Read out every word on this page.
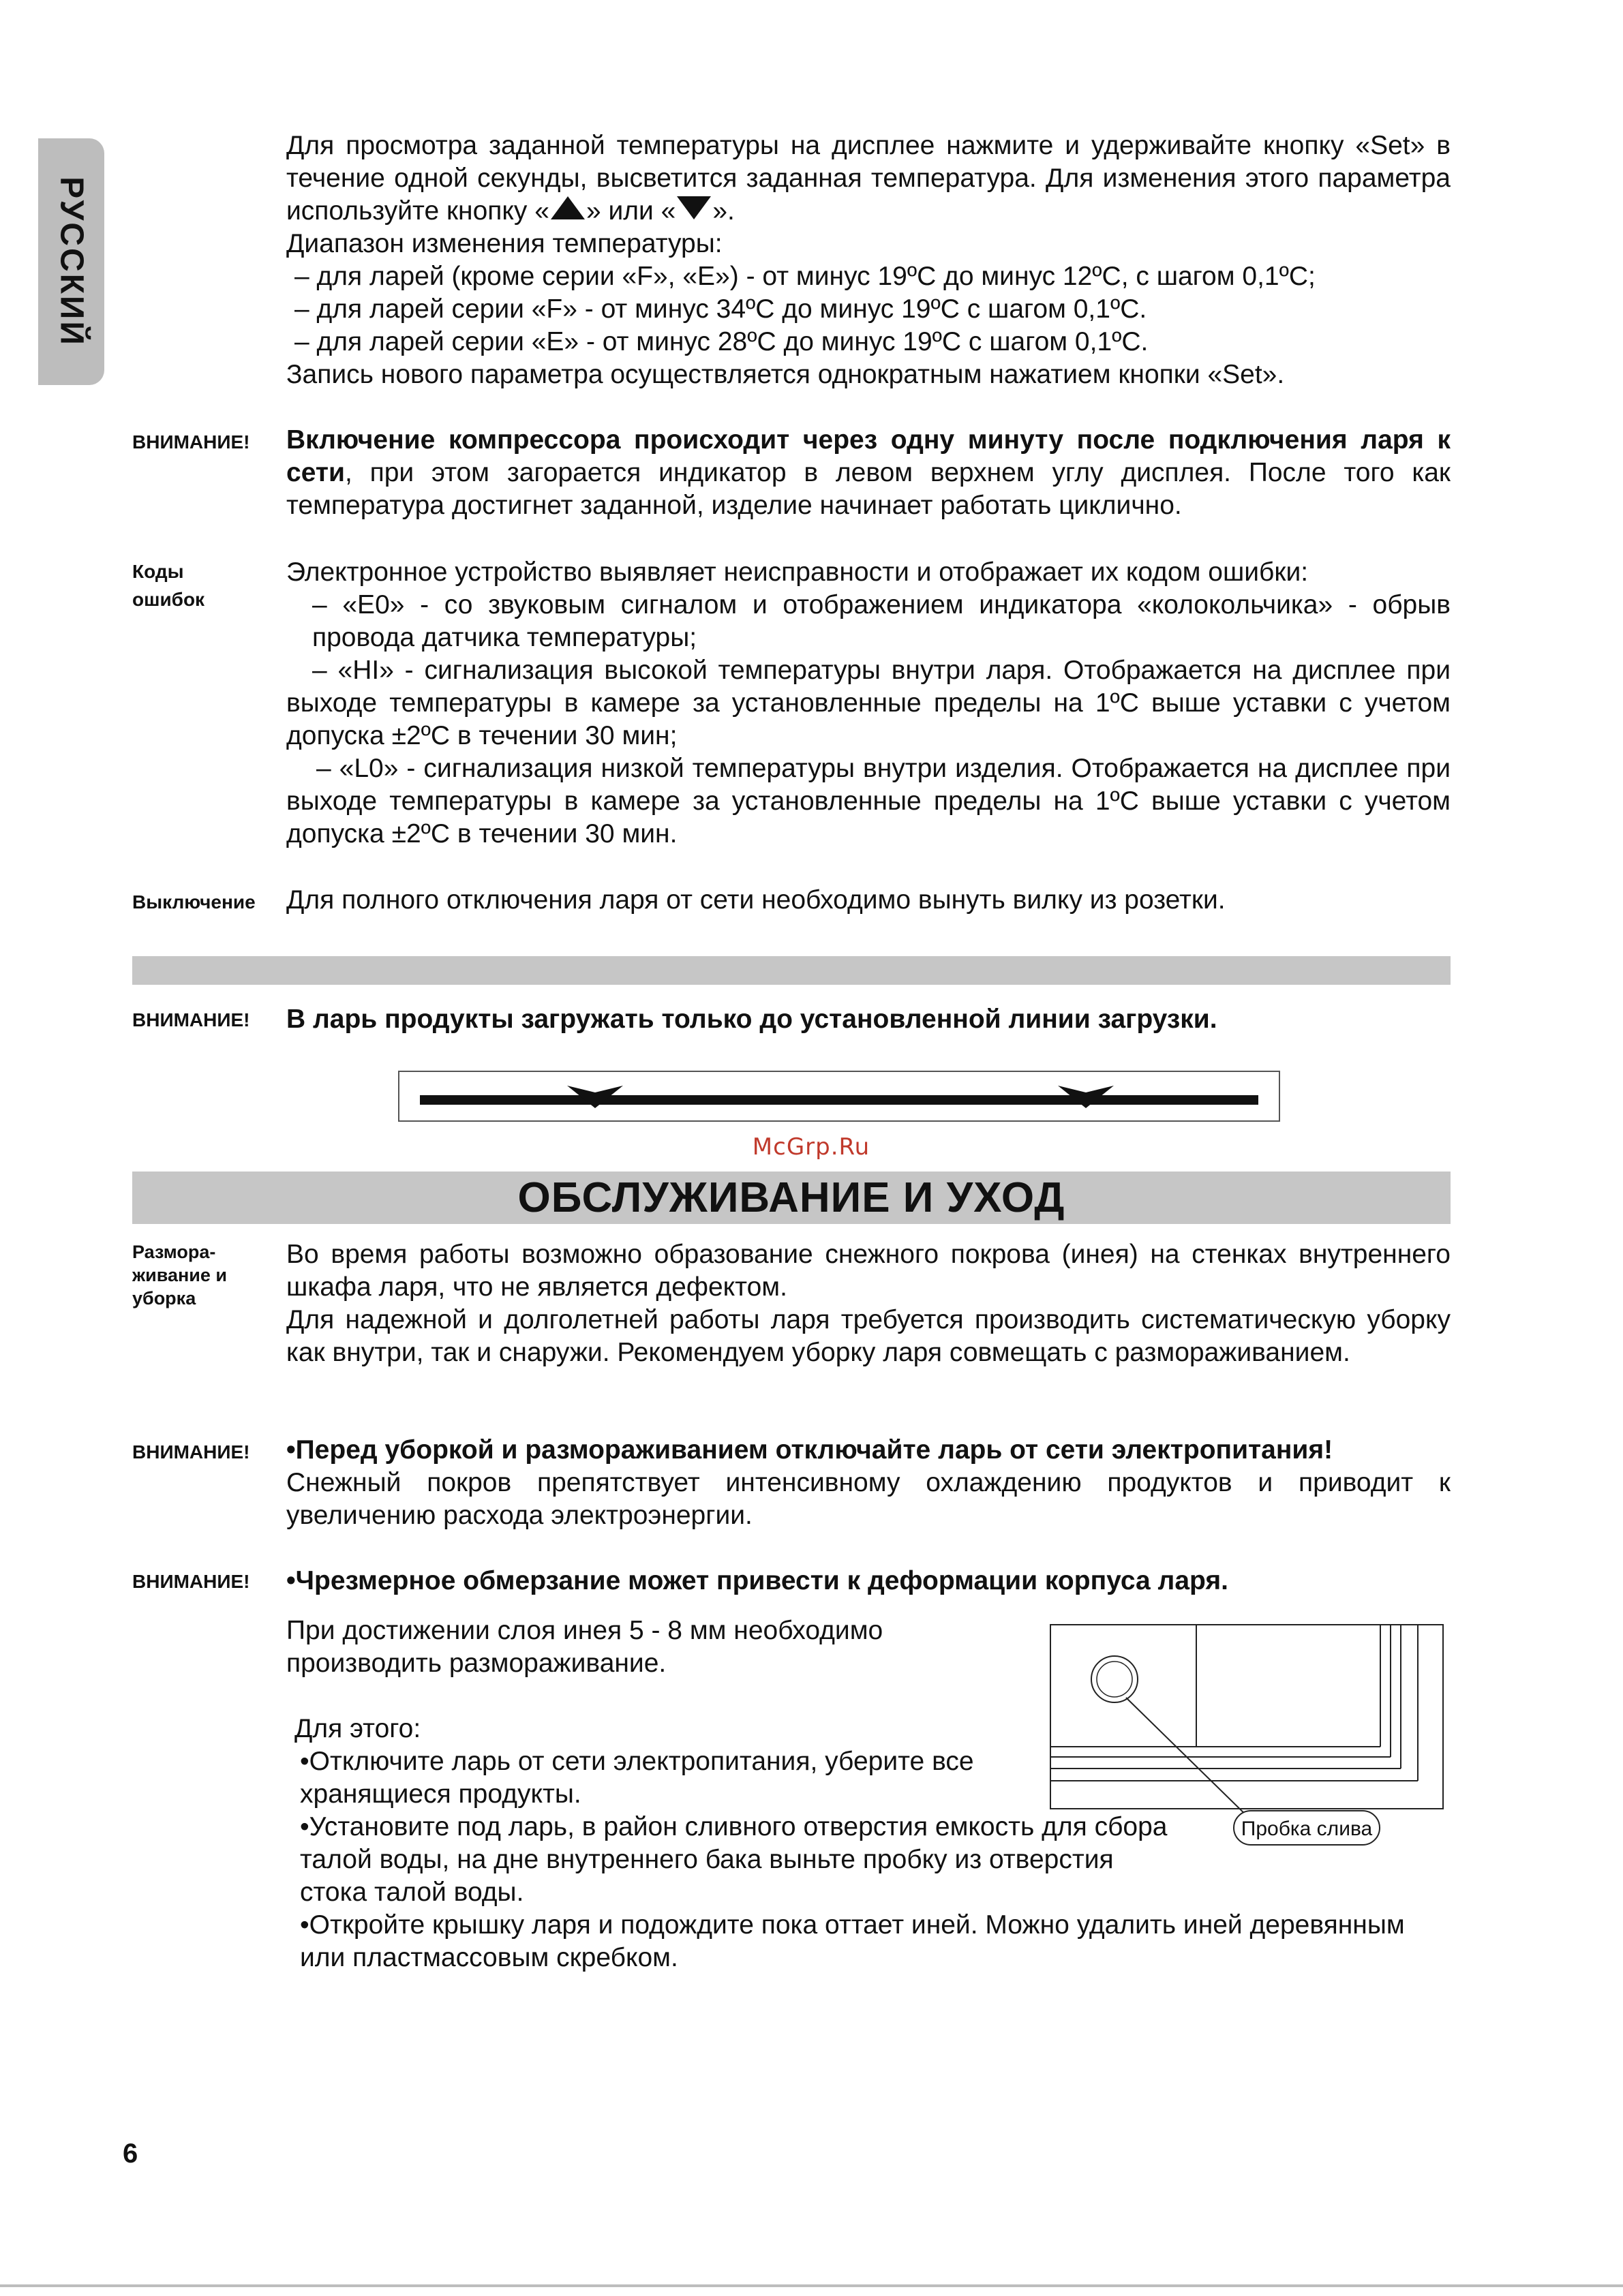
РУССКИЙ

Для просмотра заданной температуры на дисплее нажмите и удерживайте кнопку «Set» в течение одной секунды, высветится заданная температура. Для изменения этого параметра используйте кнопку « » или « ».

Диапазон изменения температуры:

– для ларей (кроме серии «F», «E») - от минус 19ºC до минус 12ºC, с шагом 0,1ºC;

– для ларей серии «F» - от минус 34ºC до минус 19ºC с шагом 0,1ºC.

– для ларей серии «E» - от минус 28ºC до минус 19ºC с шагом 0,1ºC.

Запись нового параметра осуществляется однократным нажатием кнопки «Set».

ВНИМАНИЕ!	Включение компрессора происходит через одну минуту после подключения ларя к сети, при этом загорается индикатор в левом верхнем углу дисплея. После того как температура достигнет заданной, изделие начинает работать циклично.

Коды
ошибок

Электронное устройство выявляет неисправности и отображает их кодом ошибки:

– «E0» - со звуковым сигналом и отображением индикатора «колокольчика» - обрыв провода датчика температуры;

– «HI» - сигнализация высокой температуры внутри ларя. Отображается на дисплее при выходе температуры в камере за установленные пределы на 1ºC выше уставки с учетом допуска ±2ºC в течении 30 мин;

– «L0» - сигнализация низкой температуры внутри изделия. Отображается на дисплее при выходе температуры в камере за установленные пределы на 1ºC выше уставки с учетом допуска ±2ºC в течении 30 мин.

Выключение	Для полного отключения ларя от сети необходимо вынуть вилку из розетки.
ВНИМАНИЕ!	В ларь продукты загружать только до установленной линии загрузки.
McGrp.Ru
ОБСЛУЖИВАНИЕ И УХОД
Размора-
живание и
уборка

Во время работы возможно образование снежного покрова (инея) на стенках внутреннего шкафа ларя, что не является дефектом.

Для надежной и долголетней работы ларя требуется производить систематическую уборку как внутри, так и снаружи. Рекомендуем уборку ларя совмещать с размораживанием.

ВНИМАНИЕ!	•Перед уборкой и размораживанием отключайте ларь от сети электропитания!

Снежный покров препятствует интенсивному охлаждению продуктов и приводит к увеличению расхода электроэнергии.

ВНИМАНИЕ!	•Чрезмерное обмерзание может привести к деформации корпуса ларя.

При достижении слоя инея 5 - 8 мм необходимо производить размораживание.

Для этого:

•Отключите ларь от сети электропитания, уберите все хранящиеся продукты.

•Установите под ларь, в район сливного отверстия емкость для сбора талой воды, на дне внутреннего бака выньте пробку из отверстия стока талой воды.

•Откройте крышку ларя и подождите пока оттает иней. Можно удалить иней деревянным или пластмассовым скребком.

Пробка слива
6
